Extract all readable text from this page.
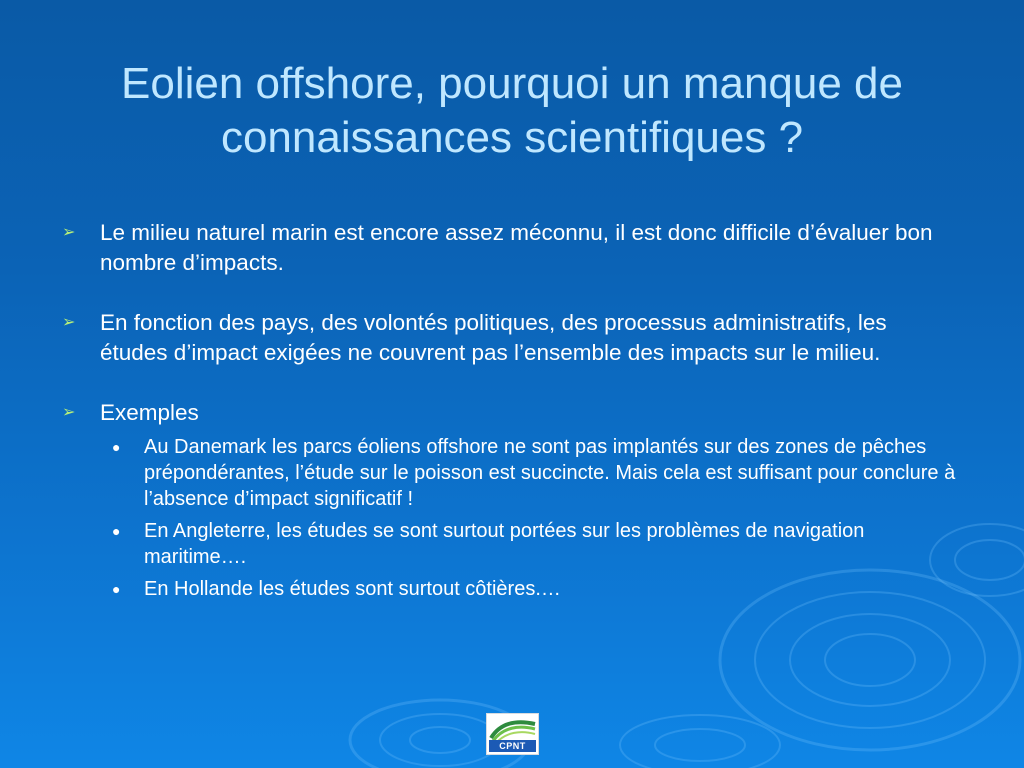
Eolien offshore, pourquoi un manque de connaissances scientifiques ?
➢ Le milieu naturel marin est encore assez méconnu, il est donc difficile d’évaluer bon nombre d’impacts.
➢ En fonction des pays, des volontés politiques, des processus administratifs, les études d’impact exigées ne couvrent pas l’ensemble des impacts sur le milieu.
➢ Exemples
● Au Danemark les parcs éoliens offshore ne sont pas implantés sur des zones de pêches prépondérantes, l’étude sur le poisson est succincte. Mais cela est suffisant pour conclure à l’absence d’impact significatif !
● En Angleterre, les études se sont surtout portées sur les problèmes de navigation maritime….
● En Hollande les études sont surtout côtières.…
CPNT
